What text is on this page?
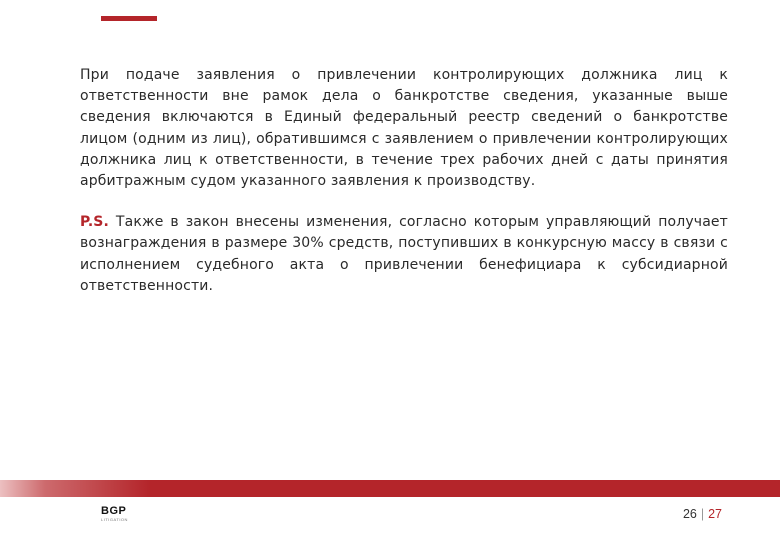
При подаче заявления о привлечении контролирующих должника лиц к ответственности вне рамок дела о банкротстве сведения, указанные выше сведения включаются в Единый федеральный реестр сведений о банкротстве лицом (одним из лиц), обратившимся с заявлением о привлечении контролирующих должника лиц к ответственности, в течение трех рабочих дней с даты принятия арбитражным судом указанного заявления к производству.

P.S. Также в закон внесены изменения, согласно которым управляющий получает вознаграждения в размере 30% средств, поступивших в конкурсную массу в связи с исполнением судебного акта о привлечении бенефициара к субсидиарной ответственности.

BGP
LITIGATION	26 | 27
